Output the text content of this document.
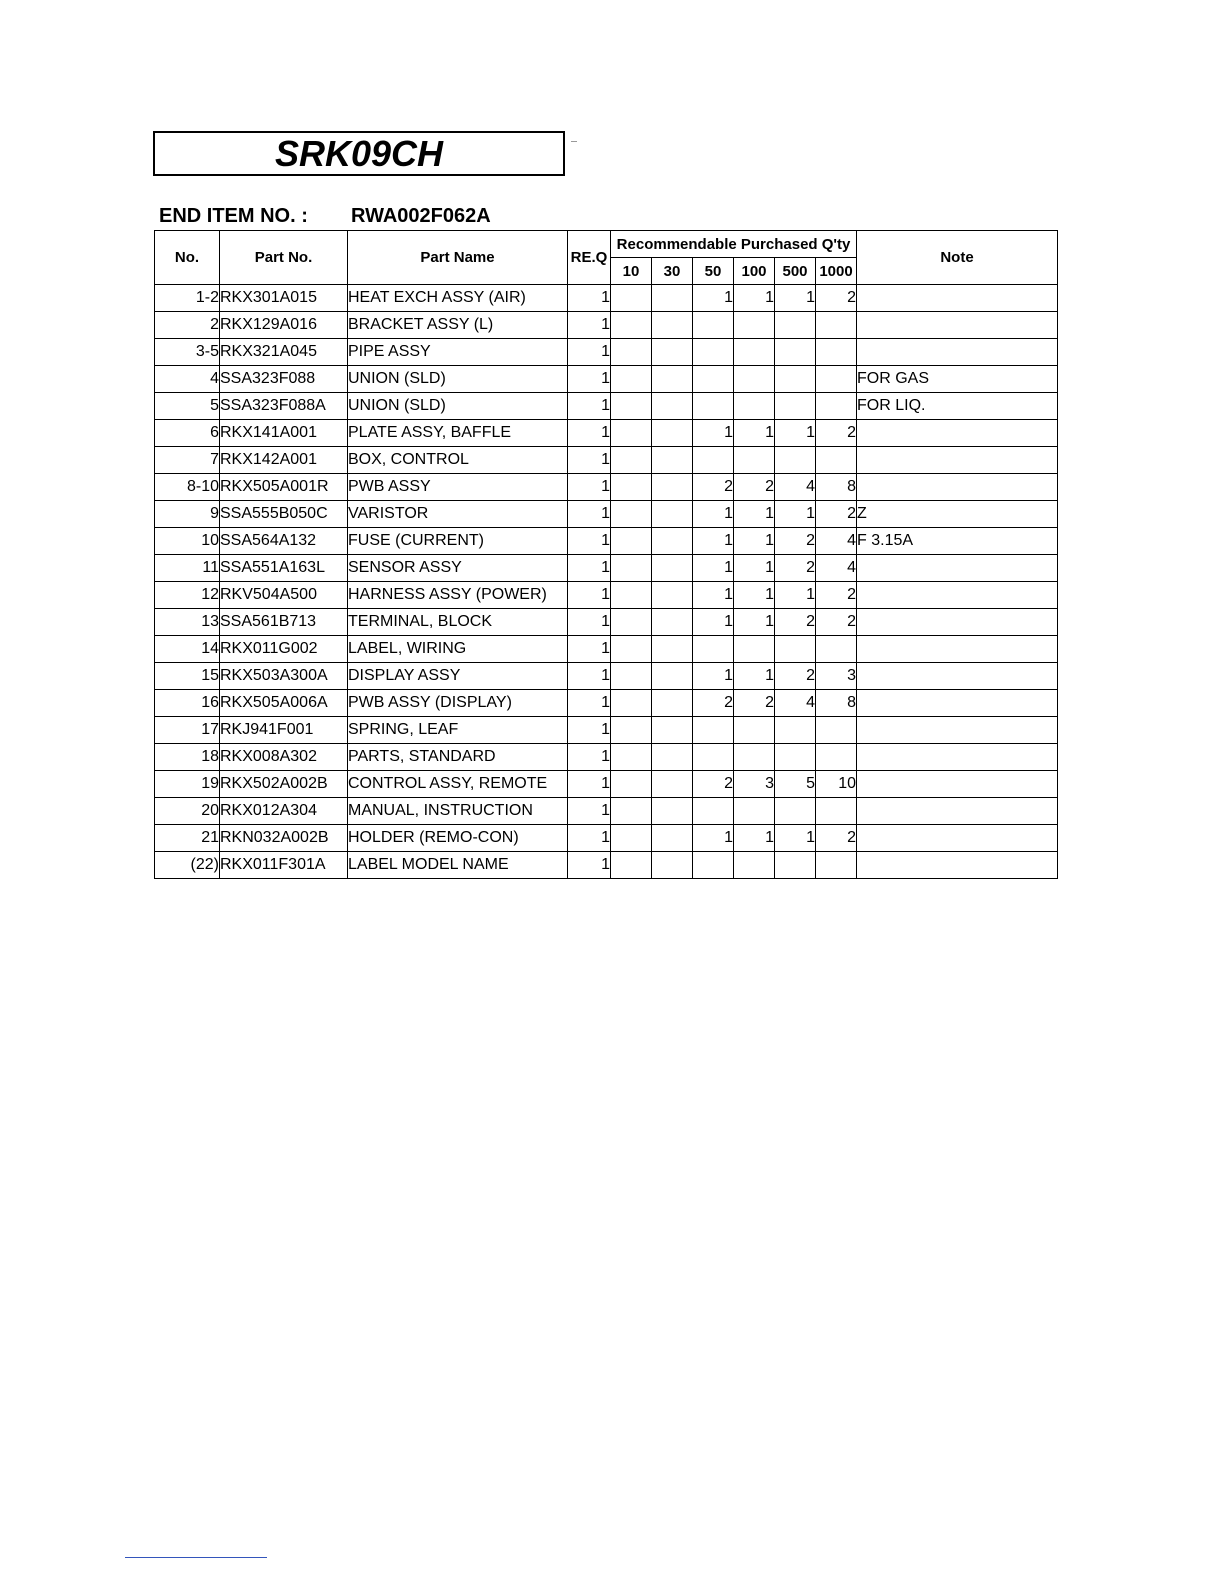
SRK09CH
END ITEM NO. : RWA002F062A
No.	Part No.	Part Name	RE.Q	Recommendable Purchased Q'ty						Note
				10	30	50	100	500	1000	
1-2	RKX301A015	HEAT EXCH ASSY (AIR)	1			1	1	1	2	
2	RKX129A016	BRACKET ASSY (L)	1							
3-5	RKX321A045	PIPE ASSY	1							
4	SSA323F088	UNION (SLD)	1							FOR GAS
5	SSA323F088A	UNION (SLD)	1							FOR LIQ.
6	RKX141A001	PLATE ASSY, BAFFLE	1			1	1	1	2	
7	RKX142A001	BOX, CONTROL	1							
8-10	RKX505A001R	PWB ASSY	1			2	2	4	8	
9	SSA555B050C	VARISTOR	1			1	1	1	2	Z
10	SSA564A132	FUSE (CURRENT)	1			1	1	2	4	F 3.15A
11	SSA551A163L	SENSOR ASSY	1			1	1	2	4	
12	RKV504A500	HARNESS ASSY (POWER)	1			1	1	1	2	
13	SSA561B713	TERMINAL, BLOCK	1			1	1	2	2	
14	RKX011G002	LABEL, WIRING	1							
15	RKX503A300A	DISPLAY ASSY	1			1	1	2	3	
16	RKX505A006A	PWB ASSY (DISPLAY)	1			2	2	4	8	
17	RKJ941F001	SPRING, LEAF	1							
18	RKX008A302	PARTS, STANDARD	1							
19	RKX502A002B	CONTROL ASSY, REMOTE	1			2	3	5	10	
20	RKX012A304	MANUAL, INSTRUCTION	1							
21	RKN032A002B	HOLDER (REMO-CON)	1			1	1	1	2	
(22)	RKX011F301A	LABEL MODEL NAME	1							
